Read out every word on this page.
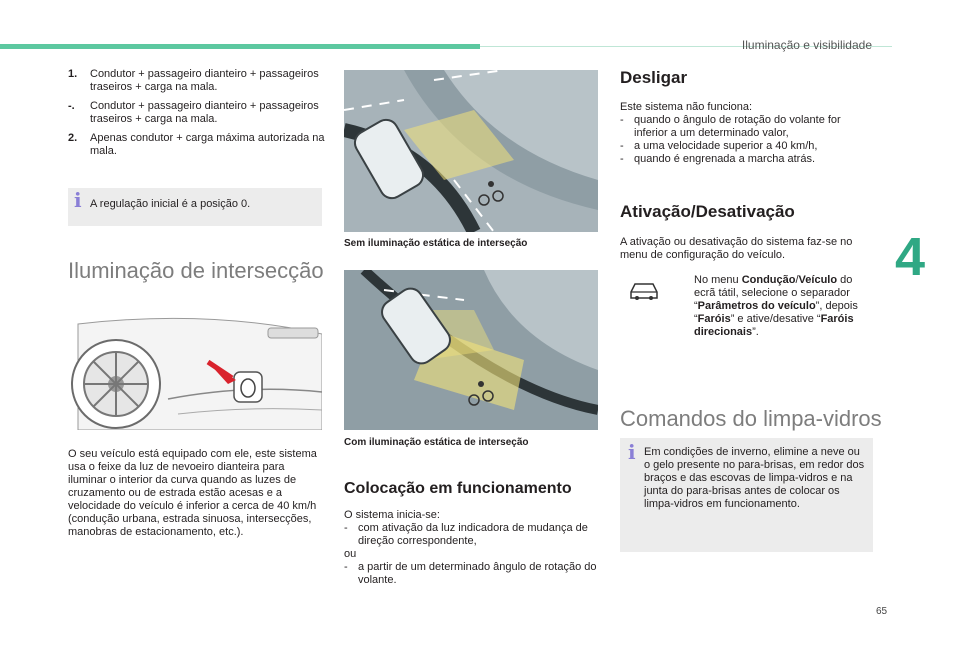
Iluminação e visibilidade
4
65
1.	Condutor + passageiro dianteiro + passageiros traseiros + carga na mala.
-.	Condutor + passageiro dianteiro + passageiros traseiros + carga na mala.
2.	Apenas condutor + carga máxima autorizada na mala.
i A regulação inicial é a posição 0.
Iluminação de intersecção
O seu veículo está equipado com ele, este sistema usa o feixe da luz de nevoeiro dianteira para iluminar o interior da curva quando as luzes de cruzamento ou de estrada estão acesas e a velocidade do veículo é inferior a cerca de 40 km/h (condução urbana, estrada sinuosa, intersecções, manobras de estacionamento, etc.).
Sem iluminação estática de interseção
Com iluminação estática de interseção
Colocação em funcionamento
O sistema inicia-se:
- com ativação da luz indicadora de mudança de direção correspondente,
ou
- a partir de um determinado ângulo de rotação do volante.
Desligar
Este sistema não funciona:
- quando o ângulo de rotação do volante for inferior a um determinado valor,
- a uma velocidade superior a 40 km/h,
- quando é engrenada a marcha atrás.
Ativação/Desativação
A ativação ou desativação do sistema faz-se no menu de configuração do veículo.
No menu Condução/Veículo do ecrã tátil, selecione o separador “Parâmetros do veículo”, depois “Faróis” e ative/desative “Faróis direcionais”.
Comandos do limpa-vidros
i Em condições de inverno, elimine a neve ou o gelo presente no para-brisas, em redor dos braços e das escovas de limpa-vidros e na junta do para-brisas antes de colocar os limpa-vidros em funcionamento.
